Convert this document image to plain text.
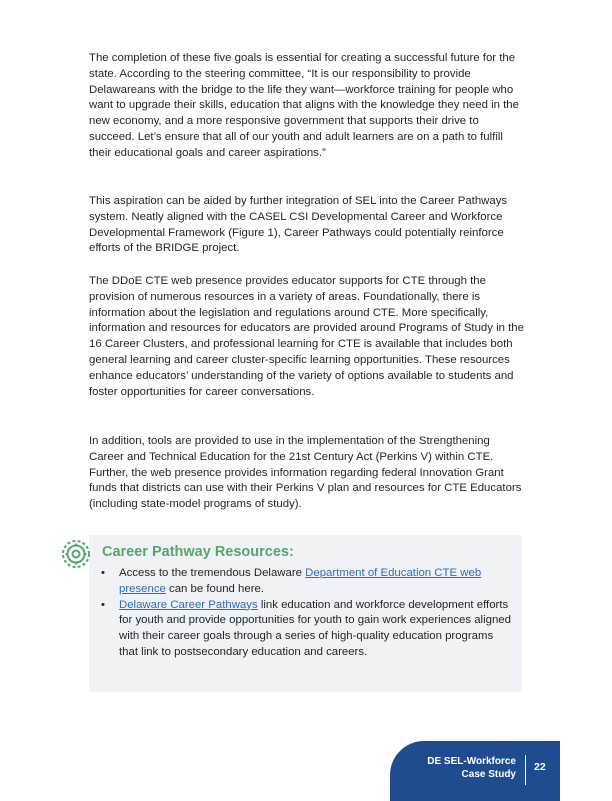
The completion of these five goals is essential for creating a successful future for the state. According to the steering committee, “It is our responsibility to provide Delawareans with the bridge to the life they want—workforce training for people who want to upgrade their skills, education that aligns with the knowledge they need in the new economy, and a more responsive government that supports their drive to succeed. Let’s ensure that all of our youth and adult learners are on a path to fulfill their educational goals and career aspirations.”

This aspiration can be aided by further integration of SEL into the Career Pathways system. Neatly aligned with the CASEL CSI Developmental Career and Workforce Developmental Framework (Figure 1), Career Pathways could potentially reinforce efforts of the BRIDGE project.

The DDoE CTE web presence provides educator supports for CTE through the provision of numerous resources in a variety of areas. Foundationally, there is information about the legislation and regulations around CTE. More specifically, information and resources for educators are provided around Programs of Study in the 16 Career Clusters, and professional learning for CTE is available that includes both general learning and career cluster-specific learning opportunities. These resources enhance educators’ understanding of the variety of options available to students and foster opportunities for career conversations.

In addition, tools are provided to use in the implementation of the Strengthening Career and Technical Education for the 21st Century Act (Perkins V) within CTE. Further, the web presence provides information regarding federal Innovation Grant funds that districts can use with their Perkins V plan and resources for CTE Educators (including state-model programs of study).

Career Pathway Resources:
• Access to the tremendous Delaware Department of Education CTE web presence can be found here.
• Delaware Career Pathways link education and workforce development efforts for youth and provide opportunities for youth to gain work experiences aligned with their career goals through a series of high-quality education programs that link to postsecondary education and careers.
DE SEL-Workforce
Case Study
22
